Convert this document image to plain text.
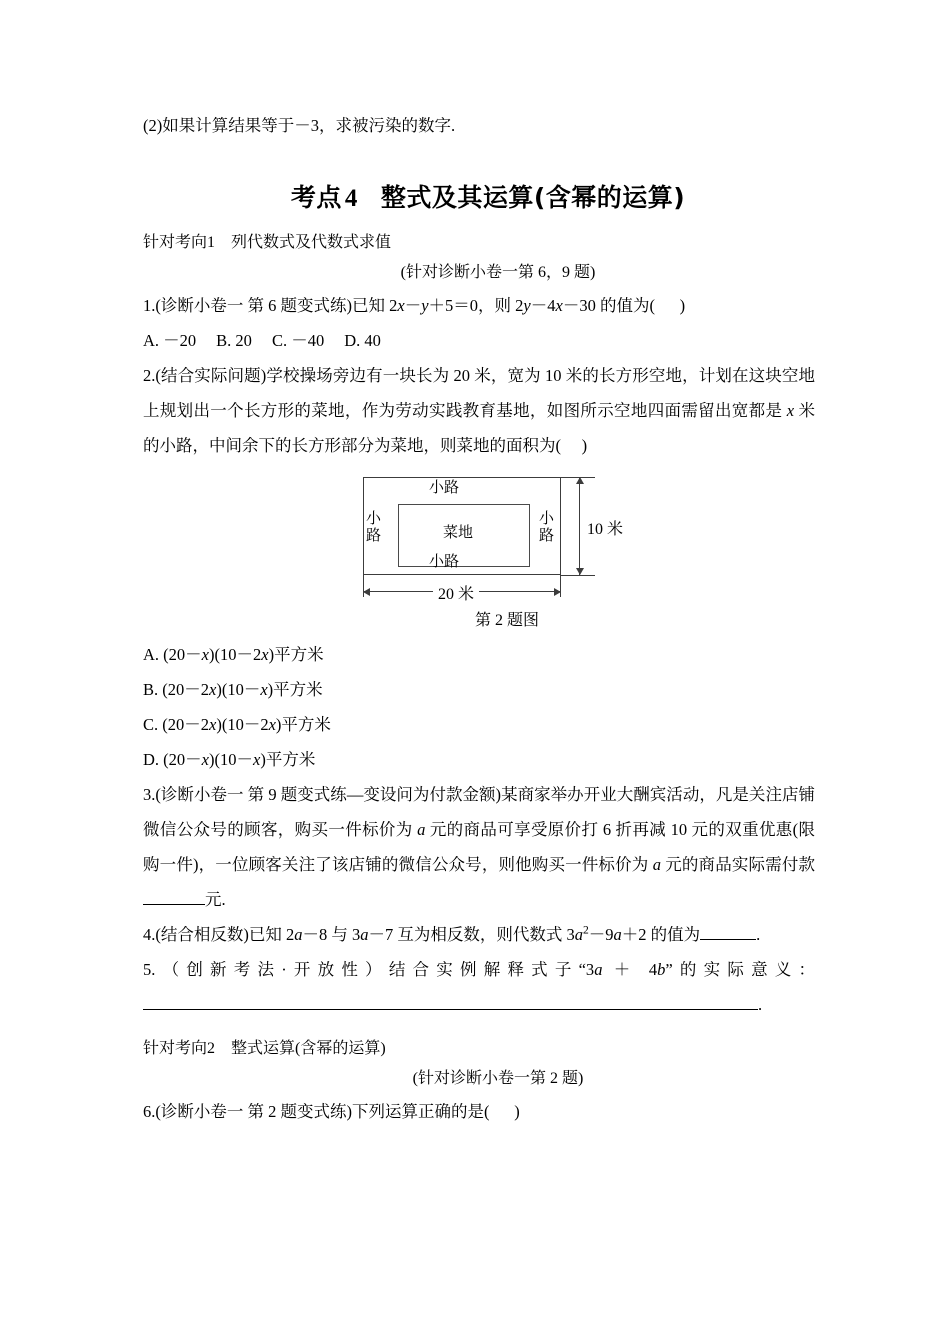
(2)如果计算结果等于－3，求被污染的数字.

考点 4 整式及其运算(含幂的运算)

针对考向1 列代数式及代数式求值

(针对诊断小卷一第 6，9 题)

1.(诊断小卷一 第 6 题变式练)已知 2x－y＋5＝0，则 2y－4x－30 的值为(      )

A. －20 B. 20 C. －40 D. 40

2.(结合实际问题)学校操场旁边有一块长为 20 米，宽为 10 米的长方形空地，计划在这块空地上规划出一个长方形的菜地，作为劳动实践教育基地，如图所示空地四面需留出宽都是 x 米的小路，中间余下的长方形部分为菜地，则菜地的面积为(     )

小路
小路
小路
小路
菜地	10 米
20 米
第 2 题图

A. (20－x)(10－2x)平方米

B. (20－2x)(10－x)平方米

C. (20－2x)(10－2x)平方米

D. (20－x)(10－x)平方米

3.(诊断小卷一 第 9 题变式练—变设问为付款金额)某商家举办开业大酬宾活动，凡是关注店铺微信公众号的顾客，购买一件标价为 a 元的商品可享受原价打 6 折再减 10 元的双重优惠(限购一件)，一位顾客关注了该店铺的微信公众号，则他购买一件标价为 a 元的商品实际需付款元.

4.(结合相反数)已知 2a－8 与 3a－7 互为相反数，则代数式 $3a^2-9a+2$ 的值为	.

5.（创新考法·开放性）结合实例解释式子“3a ＋ 4b”的实际意义：

.

针对考向2 整式运算(含幂的运算)

(针对诊断小卷一第 2 题)

6.(诊断小卷一 第 2 题变式练)下列运算正确的是(      )
